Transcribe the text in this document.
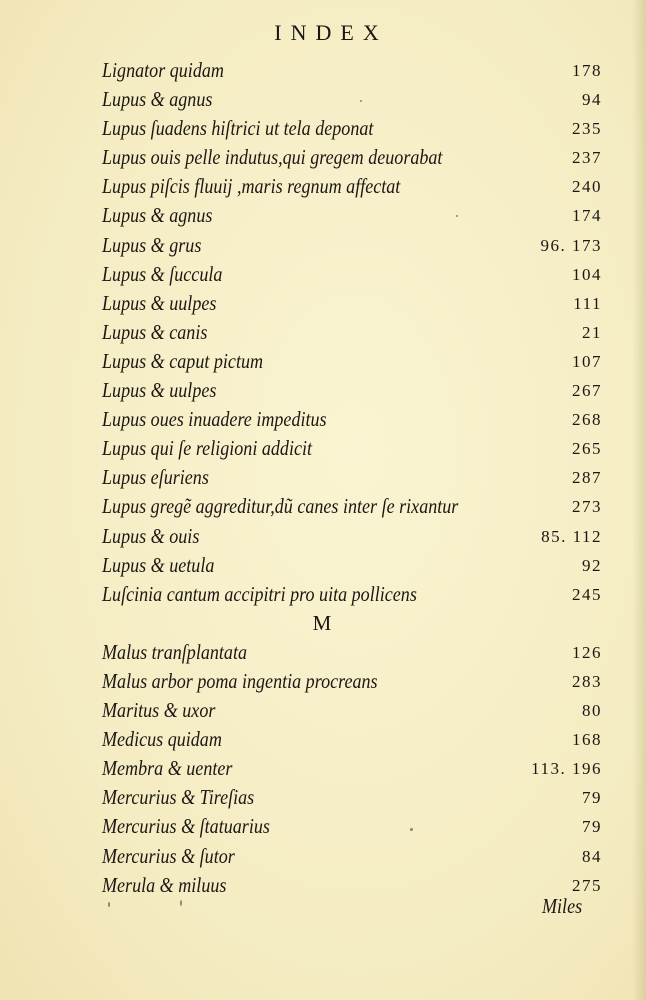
INDEX
Lignator quidam	178
Lupus & agnus	94
Lupus ſuadens hiſtrici ut tela deponat	235
Lupus ouis pelle indutus,qui gregem deuorabat	237
Lupus piſcis fluuij ,maris regnum affectat	240
Lupus & agnus	174
Lupus & grus	96. 173
Lupus & ſucculа	104
Lupus & uulpes	111
Lupus & canis	21
Lupus & caput pictum	107
Lupus & uulpes	267
Lupus oues inuadere impeditus	268
Lupus qui ſe religioni addicit	265
Lupus eſuriens	287
Lupus gregẽ aggreditur,dũ canes inter ſe rixantur	273
Lupus & ouis	85. 112
Lupus & uetula	92
Luſcinia cantum accipitri pro uita pollicens	245
M
Malus tranſplantata	126
Malus arbor poma ingentia procreans	283
Maritus & uxor	80
Medicus quidam	168
Membra & uenter	113. 196
Mercurius & Tireſias	79
Mercurius & ſtatuarius	79
Mercurius & ſutor	84
Merula & miluus	275
Miles
